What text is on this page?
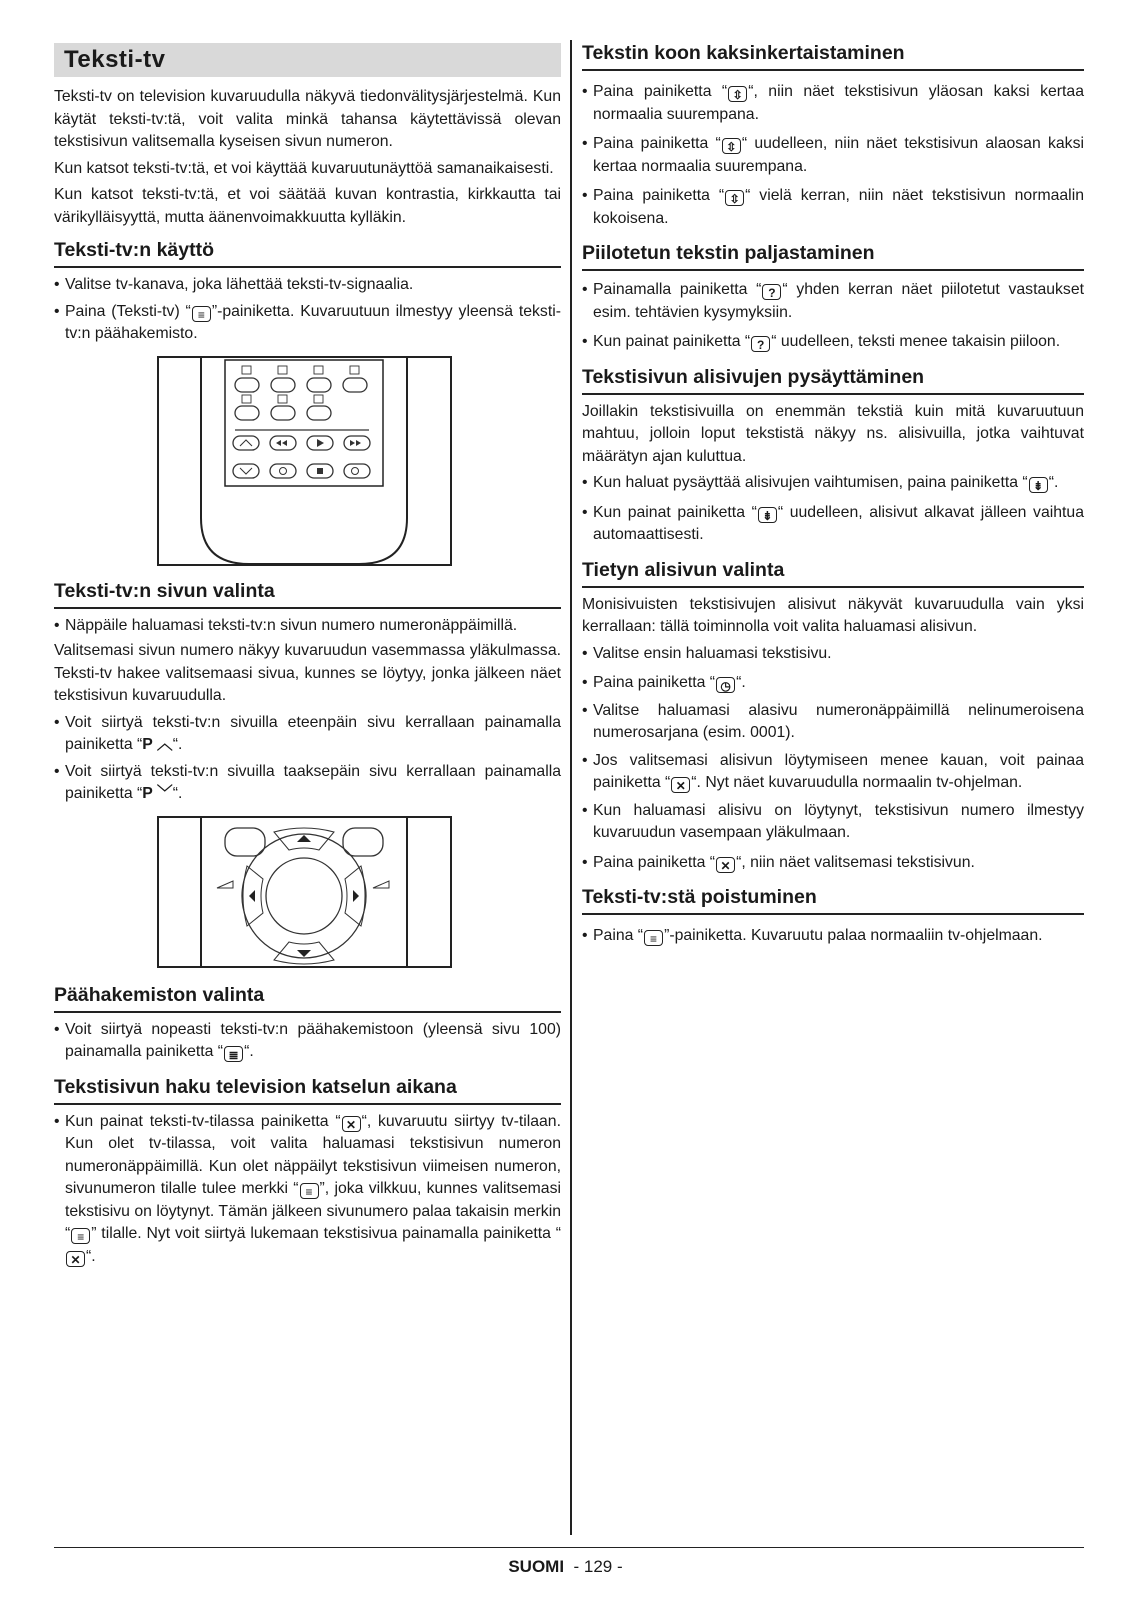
Teksti-tv

Teksti-tv on television kuvaruudulla näkyvä tiedonvälitysjärjestelmä. Kun käytät teksti-tv:tä, voit valita minkä tahansa käytettävissä olevan tekstisivun valitsemalla kyseisen sivun numeron.

Kun katsot teksti-tv:tä, et voi käyttää kuvaruutunäyttöä samanaikaisesti.

Kun katsot teksti-tv:tä, et voi säätää kuvan kontrastia, kirkkautta tai värikylläisyyttä, mutta äänenvoimakkuutta kylläkin.

Teksti-tv:n käyttö

• Valitse tv-kanava, joka lähettää teksti-tv-signaalia.

• Paina (Teksti-tv) “ ≡ ”-painiketta. Kuvaruutuun ilmestyy yleensä teksti-tv:n päähakemisto.

Teksti-tv:n sivun valinta

• Näppäile haluamasi teksti-tv:n sivun numero numeronäppäimillä.

Valitsemasi sivun numero näkyy kuvaruudun vasemmassa yläkulmassa. Teksti-tv hakee valitsemaasi sivua, kunnes se löytyy, jonka jälkeen näet tekstisivun kuvaruudulla.

• Voit siirtyä teksti-tv:n sivuilla eteenpäin sivu kerrallaan painamalla painiketta “P ︿“.

• Voit siirtyä teksti-tv:n sivuilla taaksepäin sivu kerrallaan painamalla painiketta “P ﹀“.

Päähakemiston valinta

• Voit siirtyä nopeasti teksti-tv:n päähakemistoon (yleensä sivu 100) painamalla painiketta “ ≣ “.

Tekstisivun haku television katselun aikana

• Kun painat teksti-tv-tilassa painiketta “ ✕ “, kuvaruutu siirtyy tv-tilaan. Kun olet tv-tilassa, voit valita haluamasi tekstisivun numeron numeronäppäimillä. Kun olet näppäilyt tekstisivun viimeisen numeron, sivunumeron tilalle tulee merkki “ ≡ ”, joka vilkkuu, kunnes valitsemasi tekstisivu on löytynyt. Tämän jälkeen sivunumero palaa takaisin merkin “ ≡ ” tilalle. Nyt voit siirtyä lukemaan tekstisivua painamalla painiketta “✕ “.

Tekstin koon kaksinkertaistaminen

• Paina painiketta “ ⇳ “, niin näet tekstisivun yläosan kaksi kertaa normaalia suurempana.

• Paina painiketta “ ⇳ “ uudelleen, niin näet tekstisivun alaosan kaksi kertaa normaalia suurempana.

• Paina painiketta “ ⇳ “ vielä kerran, niin näet tekstisivun normaalin kokoisena.

Piilotetun tekstin paljastaminen

• Painamalla painiketta “ ? “ yhden kerran näet piilotetut vastaukset esim. tehtävien kysymyksiin.

• Kun painat painiketta “ ? “ uudelleen, teksti menee takaisin piiloon.

Tekstisivun alisivujen pysäyttäminen

Joillakin tekstisivuilla on enemmän tekstiä kuin mitä kuvaruutuun mahtuu, jolloin loput tekstistä näkyy ns. alisivuilla, jotka vaihtuvat määrätyn ajan kuluttua.

• Kun haluat pysäyttää alisivujen vaihtumisen, paina painiketta “ ⇟ “.

• Kun painat painiketta “ ⇟ “ uudelleen, alisivut alkavat jälleen vaihtua automaattisesti.

Tietyn alisivun valinta

Monisivuisten tekstisivujen alisivut näkyvät kuvaruudulla vain yksi kerrallaan: tällä toiminnolla voit valita haluamasi alisivun.

• Valitse ensin haluamasi tekstisivu.

• Paina painiketta “ ◷ “.

• Valitse haluamasi alasivu numeronäppäimillä nelinumeroisena numerosarjana (esim. 0001).

• Jos valitsemasi alisivun löytymiseen menee kauan, voit painaa painiketta “ ✕ “. Nyt näet kuvaruudulla normaalin tv-ohjelman.

• Kun haluamasi alisivu on löytynyt, tekstisivun numero ilmestyy kuvaruudun vasempaan yläkulmaan.

• Paina painiketta “ ✕ “, niin näet valitsemasi tekstisivun.

Teksti-tv:stä poistuminen

• Paina “ ≡ ”-painiketta. Kuvaruutu palaa normaaliin tv-ohjelmaan.

SUOMI - 129 -
